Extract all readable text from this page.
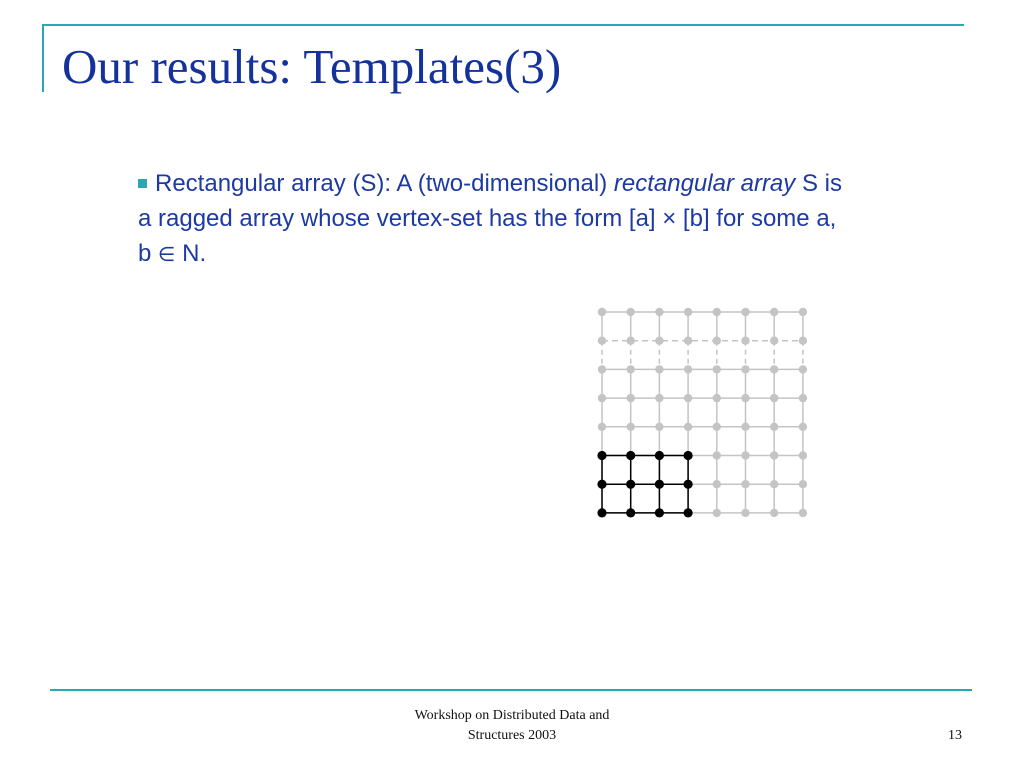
Our results: Templates(3)
Rectangular array (S): A (two-dimensional) rectangular array S is
a ragged array whose vertex-set has the form [a] × [b] for some a,
b ∈ N.
Workshop on Distributed Data and
Structures 2003	13
